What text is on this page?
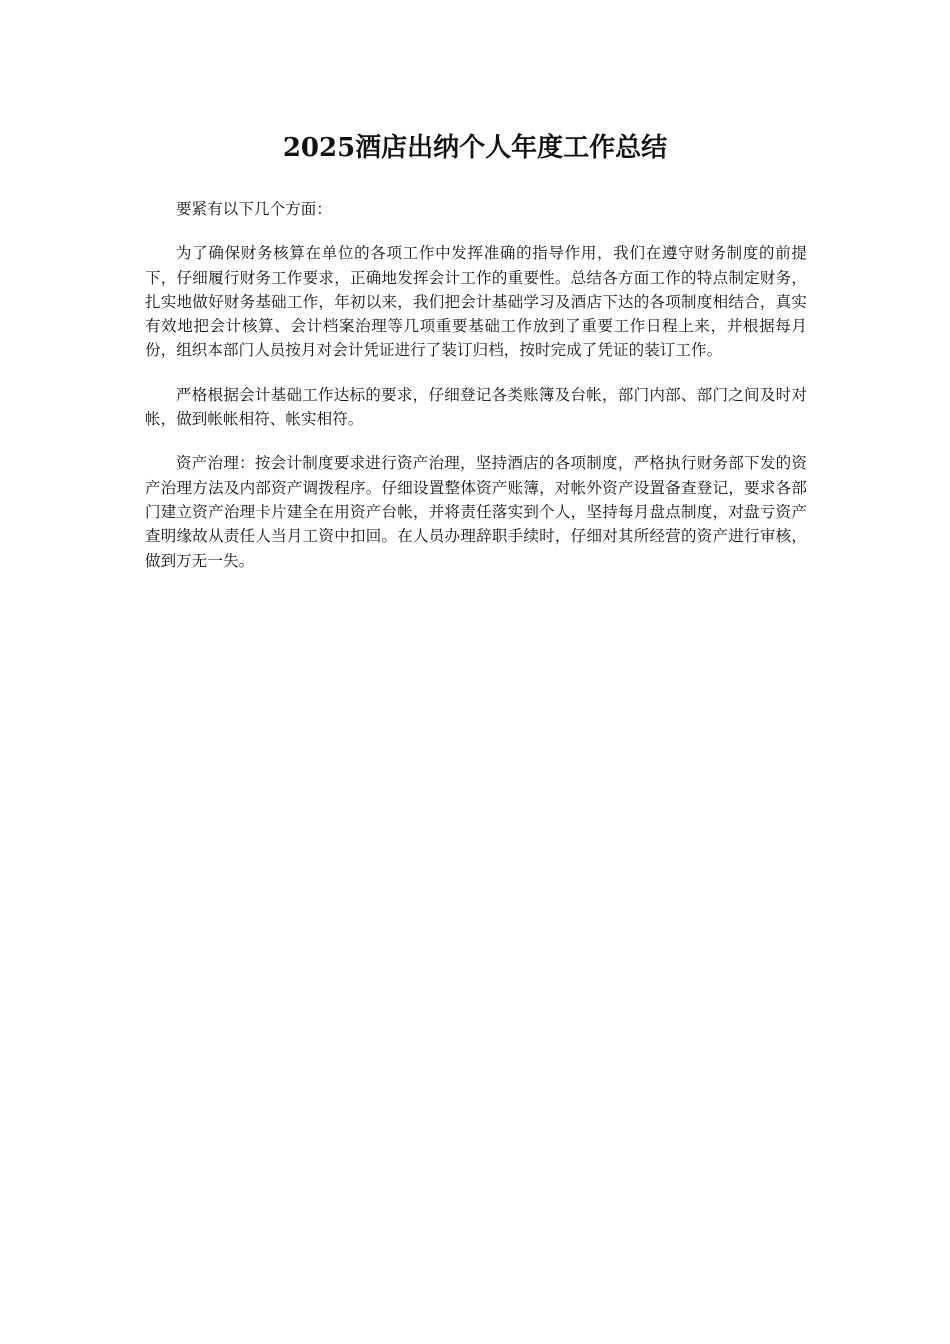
2025酒店出纳个人年度工作总结

要紧有以下几个方面：

为了确保财务核算在单位的各项工作中发挥准确的指导作用，我们在遵守财务制度的前提下，仔细履行财务工作要求，正确地发挥会计工作的重要性。总结各方面工作的特点制定财务，扎实地做好财务基础工作，年初以来，我们把会计基础学习及酒店下达的各项制度相结合，真实有效地把会计核算、会计档案治理等几项重要基础工作放到了重要工作日程上来，并根据每月份，组织本部门人员按月对会计凭证进行了装订归档，按时完成了凭证的装订工作。

严格根据会计基础工作达标的要求，仔细登记各类账簿及台帐，部门内部、部门之间及时对帐，做到帐帐相符、帐实相符。

资产治理：按会计制度要求进行资产治理，坚持酒店的各项制度，严格执行财务部下发的资产治理方法及内部资产调拨程序。仔细设置整体资产账簿，对帐外资产设置备查登记，要求各部门建立资产治理卡片建全在用资产台帐，并将责任落实到个人，坚持每月盘点制度，对盘亏资产查明缘故从责任人当月工资中扣回。在人员办理辞职手续时，仔细对其所经营的资产进行审核，做到万无一失。
